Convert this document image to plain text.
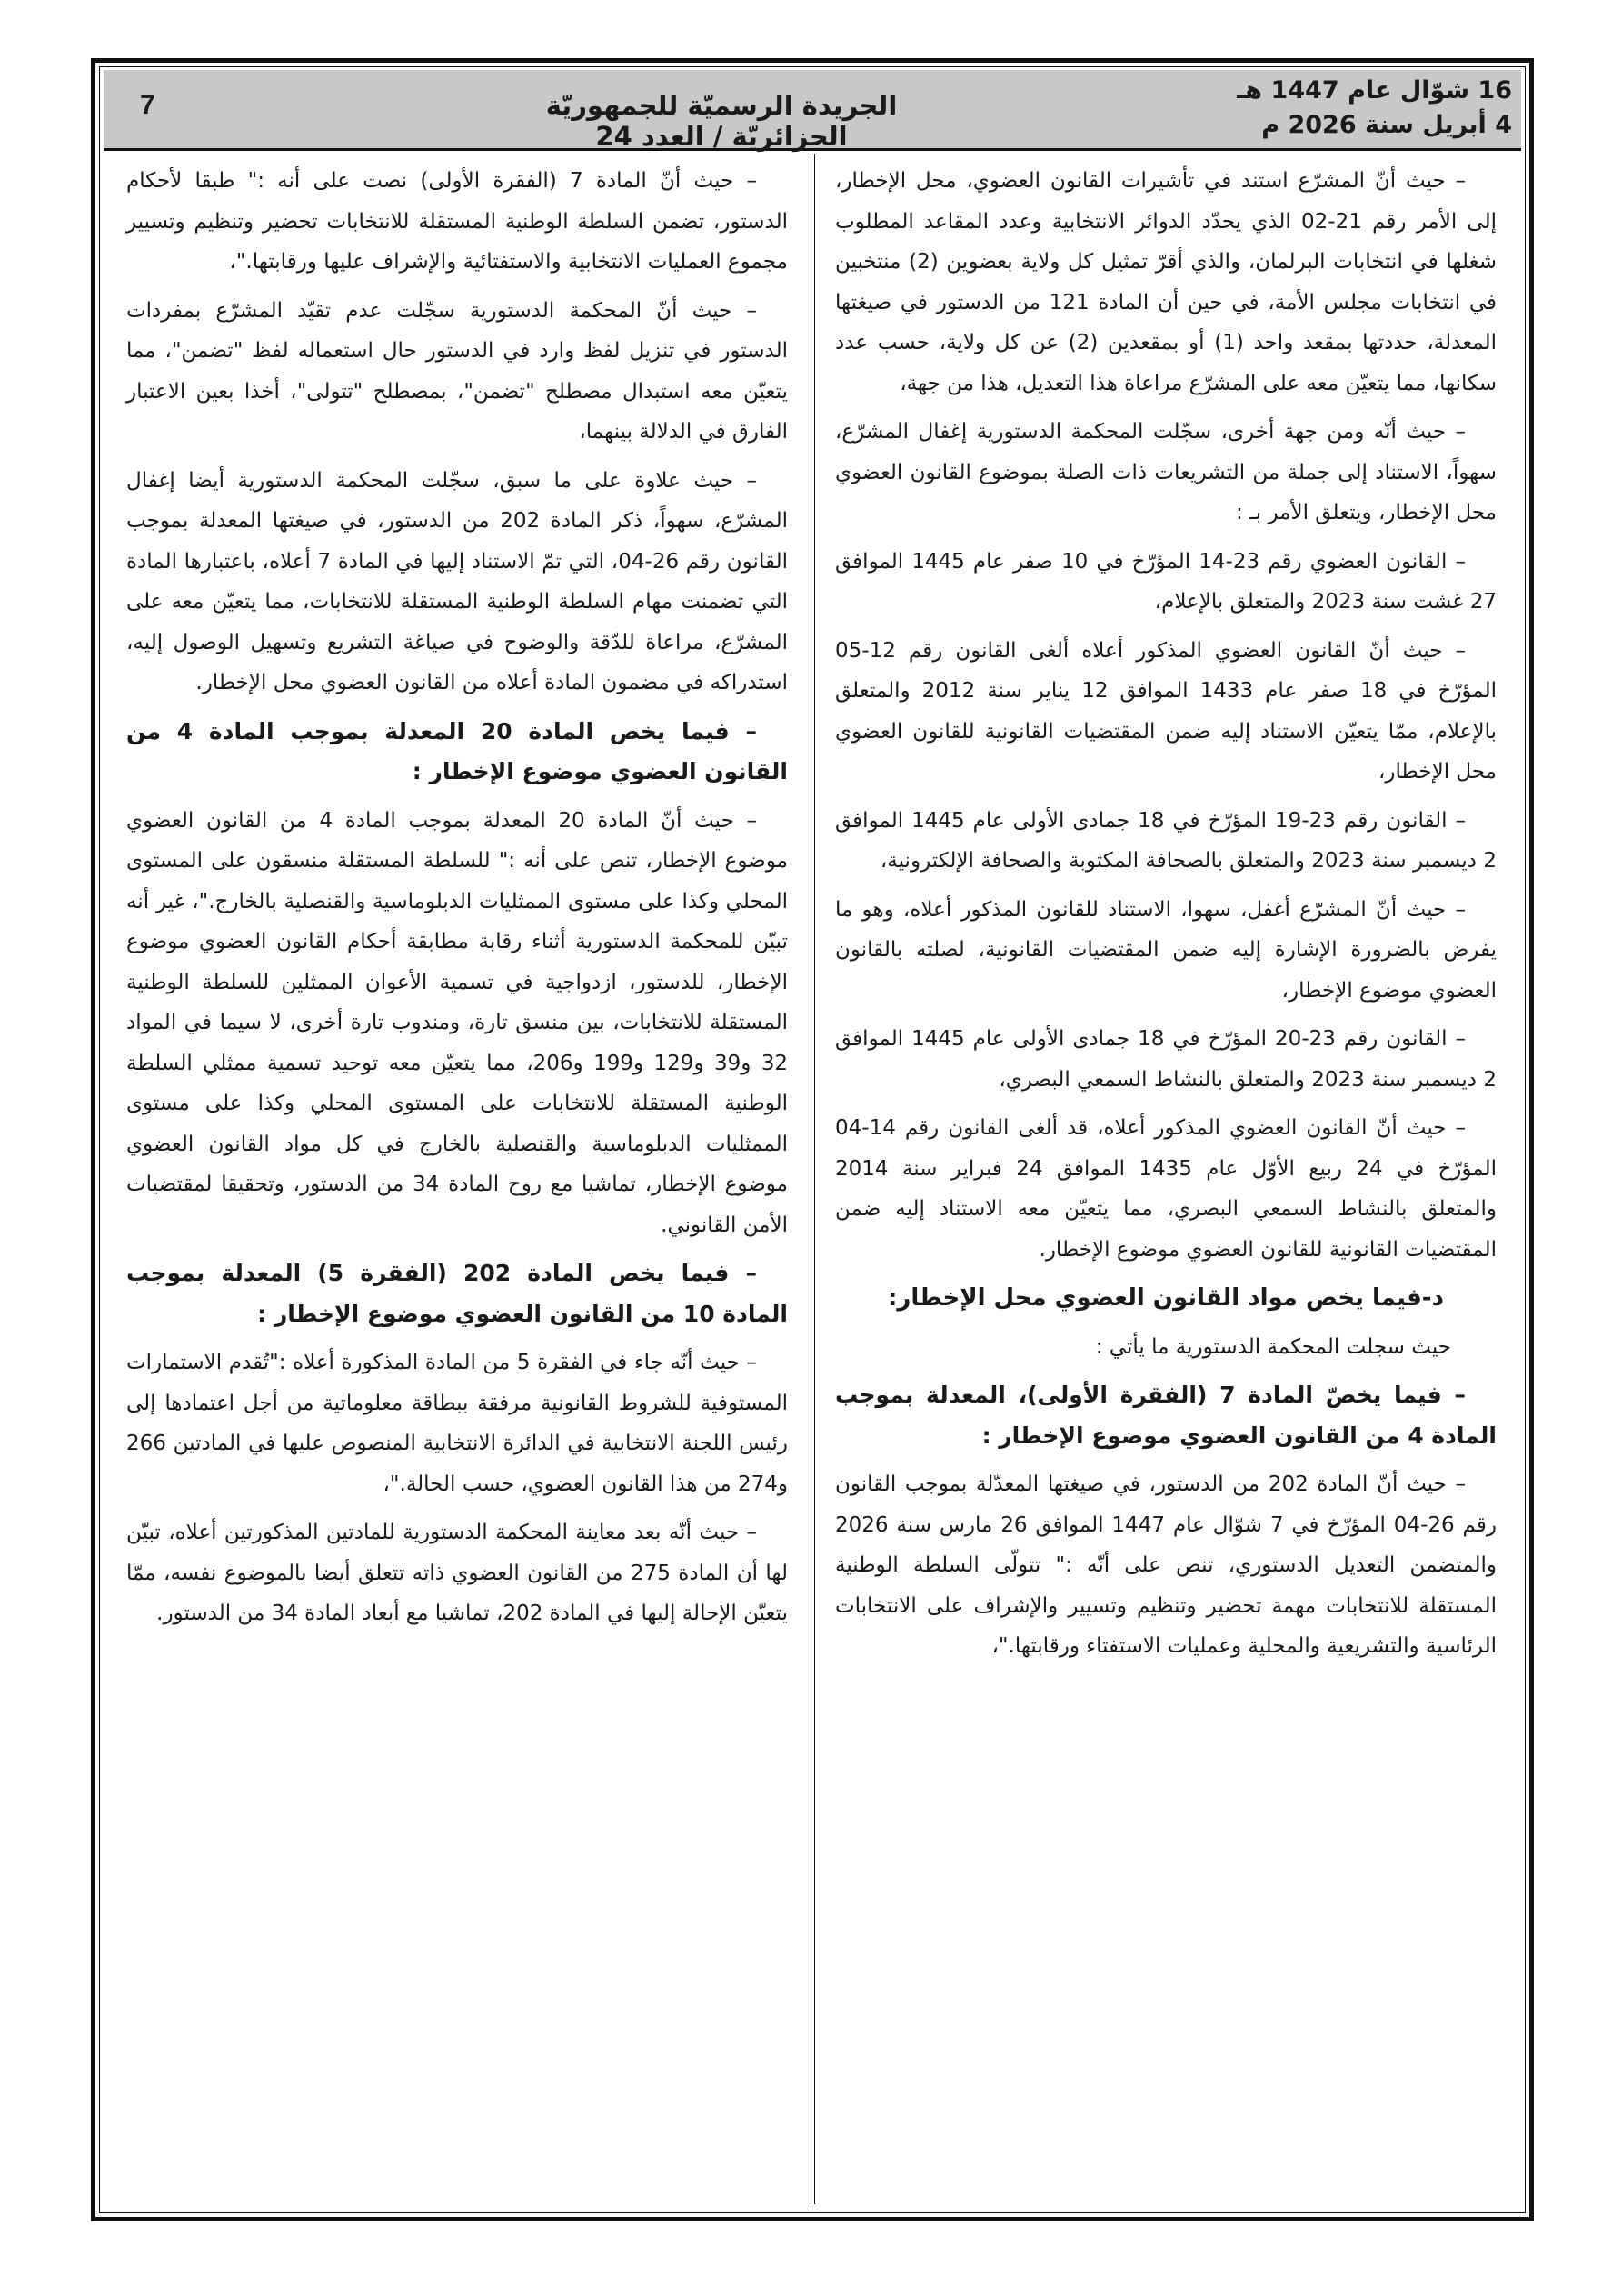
7	الجريدة الرسميّة للجمهوريّة الجزائريّة / العدد 24
16 شوّال عام 1447 هـ
4 أبريل سنة 2026 م

– حيث أنّ المشرّع استند في تأشيرات القانون العضوي، محل الإخطار، إلى الأمر رقم 21-02 الذي يحدّد الدوائر الانتخابية وعدد المقاعد المطلوب شغلها في انتخابات البرلمان، والذي أقرّ تمثيل كل ولاية بعضوين (2) منتخبين في انتخابات مجلس الأمة، في حين أن المادة 121 من الدستور في صيغتها المعدلة، حددتها بمقعد واحد (1) أو بمقعدين (2) عن كل ولاية، حسب عدد سكانها، مما يتعيّن معه على المشرّع مراعاة هذا التعديل، هذا من جهة،

– حيث أنّه ومن جهة أخرى، سجّلت المحكمة الدستورية إغفال المشرّع، سهواً، الاستناد إلى جملة من التشريعات ذات الصلة بموضوع القانون العضوي محل الإخطار، ويتعلق الأمر بـ :

– القانون العضوي رقم 23-14 المؤرّخ في 10 صفر عام 1445 الموافق 27 غشت سنة 2023 والمتعلق بالإعلام،

– حيث أنّ القانون العضوي المذكور أعلاه ألغى القانون رقم 12-05 المؤرّخ في 18 صفر عام 1433 الموافق 12 يناير سنة 2012 والمتعلق بالإعلام، ممّا يتعيّن الاستناد إليه ضمن المقتضيات القانونية للقانون العضوي محل الإخطار،

– القانون رقم 23-19 المؤرّخ في 18 جمادى الأولى عام 1445 الموافق 2 ديسمبر سنة 2023 والمتعلق بالصحافة المكتوبة والصحافة الإلكترونية،

– حيث أنّ المشرّع أغفل، سهوا، الاستناد للقانون المذكور أعلاه، وهو ما يفرض بالضرورة الإشارة إليه ضمن المقتضيات القانونية، لصلته بالقانون العضوي موضوع الإخطار،

– القانون رقم 23-20 المؤرّخ في 18 جمادى الأولى عام 1445 الموافق 2 ديسمبر سنة 2023 والمتعلق بالنشاط السمعي البصري،

– حيث أنّ القانون العضوي المذكور أعلاه، قد ألغى القانون رقم 14-04 المؤرّخ في 24 ربيع الأوّل عام 1435 الموافق 24 فبراير سنة 2014 والمتعلق بالنشاط السمعي البصري، مما يتعيّن معه الاستناد إليه ضمن المقتضيات القانونية للقانون العضوي موضوع الإخطار.

د-فيما يخص مواد القانون العضوي محل الإخطار:

حيث سجلت المحكمة الدستورية ما يأتي :

– فيما يخصّ المادة 7 (الفقرة الأولى)، المعدلة بموجب المادة 4 من القانون العضوي موضوع الإخطار :

– حيث أنّ المادة 202 من الدستور، في صيغتها المعدّلة بموجب القانون رقم 26-04 المؤرّخ في 7 شوّال عام 1447 الموافق 26 مارس سنة 2026 والمتضمن التعديل الدستوري، تنص على أنّه :" تتولّى السلطة الوطنية المستقلة للانتخابات مهمة تحضير وتنظيم وتسيير والإشراف على الانتخابات الرئاسية والتشريعية والمحلية وعمليات الاستفتاء ورقابتها."،

– حيث أنّ المادة 7 (الفقرة الأولى) نصت على أنه :" طبقا لأحكام الدستور، تضمن السلطة الوطنية المستقلة للانتخابات تحضير وتنظيم وتسيير مجموع العمليات الانتخابية والاستفتائية والإشراف عليها ورقابتها."،

– حيث أنّ المحكمة الدستورية سجّلت عدم تقيّد المشرّع بمفردات الدستور في تنزيل لفظ وارد في الدستور حال استعماله لفظ "تضمن"، مما يتعيّن معه استبدال مصطلح "تضمن"، بمصطلح "تتولى"، أخذا بعين الاعتبار الفارق في الدلالة بينهما،

– حيث علاوة على ما سبق، سجّلت المحكمة الدستورية أيضا إغفال المشرّع، سهواً، ذكر المادة 202 من الدستور، في صيغتها المعدلة بموجب القانون رقم 26-04، التي تمّ الاستناد إليها في المادة 7 أعلاه، باعتبارها المادة التي تضمنت مهام السلطة الوطنية المستقلة للانتخابات، مما يتعيّن معه على المشرّع، مراعاة للدّقة والوضوح في صياغة التشريع وتسهيل الوصول إليه، استدراكه في مضمون المادة أعلاه من القانون العضوي محل الإخطار.

– فيما يخص المادة 20 المعدلة بموجب المادة 4 من القانون العضوي موضوع الإخطار :

– حيث أنّ المادة 20 المعدلة بموجب المادة 4 من القانون العضوي موضوع الإخطار، تنص على أنه :" للسلطة المستقلة منسقون على المستوى المحلي وكذا على مستوى الممثليات الدبلوماسية والقنصلية بالخارج."، غير أنه تبيّن للمحكمة الدستورية أثناء رقابة مطابقة أحكام القانون العضوي موضوع الإخطار، للدستور، ازدواجية في تسمية الأعوان الممثلين للسلطة الوطنية المستقلة للانتخابات، بين منسق تارة، ومندوب تارة أخرى، لا سيما في المواد 32 و39 و129 و199 و206، مما يتعيّن معه توحيد تسمية ممثلي السلطة الوطنية المستقلة للانتخابات على المستوى المحلي وكذا على مستوى الممثليات الدبلوماسية والقنصلية بالخارج في كل مواد القانون العضوي موضوع الإخطار، تماشيا مع روح المادة 34 من الدستور، وتحقيقا لمقتضيات الأمن القانوني.

– فيما يخص المادة 202 (الفقرة 5) المعدلة بموجب المادة 10 من القانون العضوي موضوع الإخطار :

– حيث أنّه جاء في الفقرة 5 من المادة المذكورة أعلاه :"تُقدم الاستمارات المستوفية للشروط القانونية مرفقة ببطاقة معلوماتية من أجل اعتمادها إلى رئيس اللجنة الانتخابية في الدائرة الانتخابية المنصوص عليها في المادتين 266 و274 من هذا القانون العضوي، حسب الحالة."،

– حيث أنّه بعد معاينة المحكمة الدستورية للمادتين المذكورتين أعلاه، تبيّن لها أن المادة 275 من القانون العضوي ذاته تتعلق أيضا بالموضوع نفسه، ممّا يتعيّن الإحالة إليها في المادة 202، تماشيا مع أبعاد المادة 34 من الدستور.
